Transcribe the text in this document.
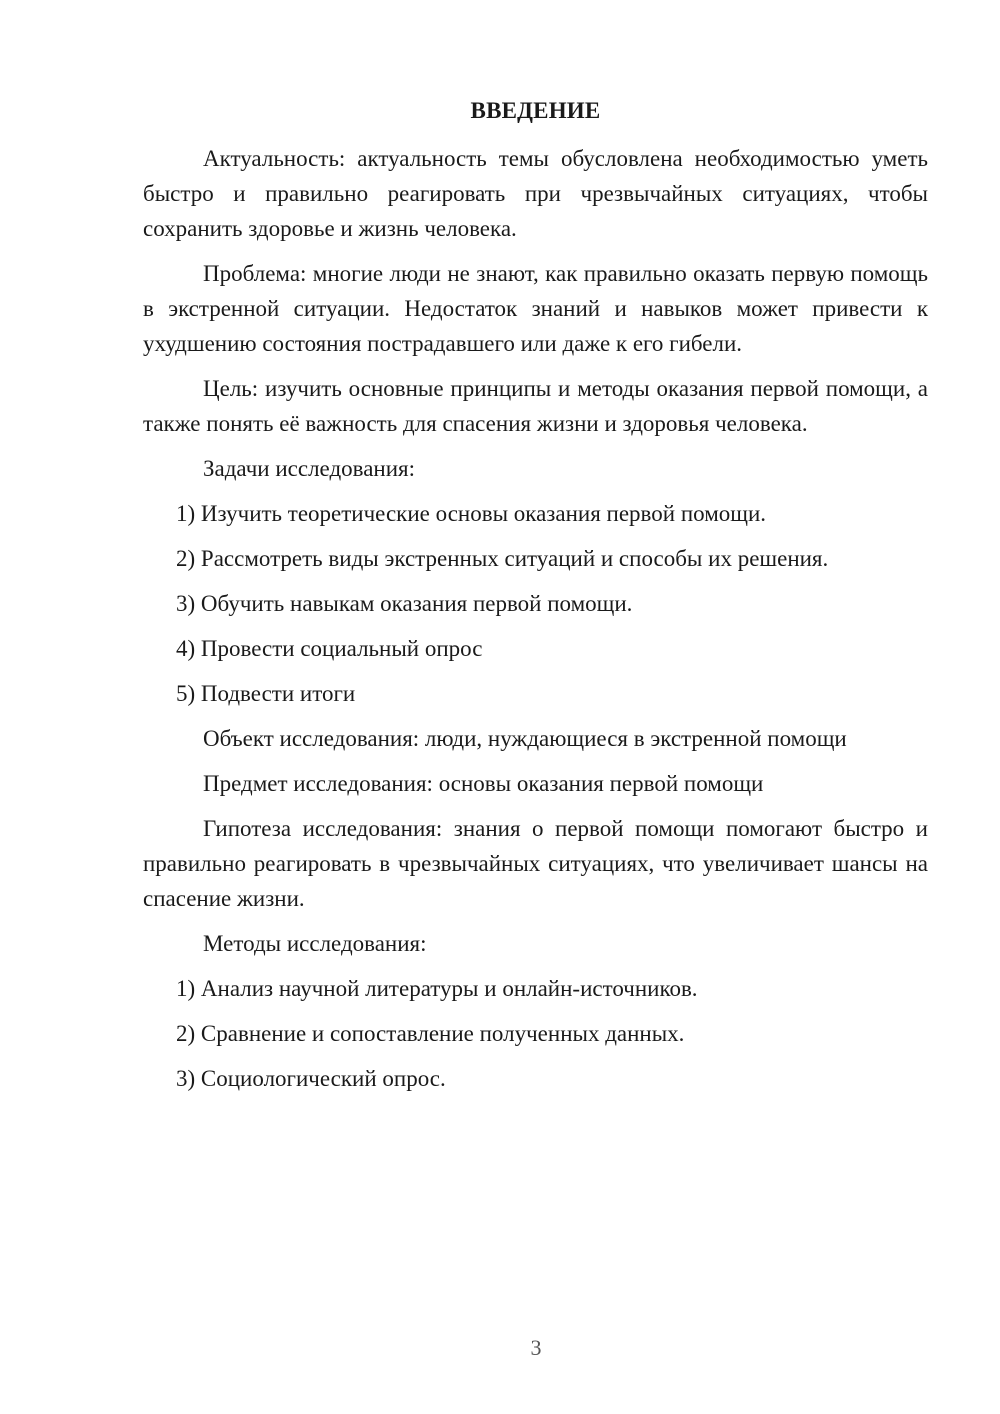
ВВЕДЕНИЕ

Актуальность: актуальность темы обусловлена необходимостью уметь быстро и правильно реагировать при чрезвычайных ситуациях, чтобы сохранить здоровье и жизнь человека.

Проблема: многие люди не знают, как правильно оказать первую помощь в экстренной ситуации. Недостаток знаний и навыков может привести к ухудшению состояния пострадавшего или даже к его гибели.

Цель: изучить основные принципы и методы оказания первой помощи, а также понять её важность для спасения жизни и здоровья человека.

Задачи исследования:

1) Изучить теоретические основы оказания первой помощи.

2) Рассмотреть виды экстренных ситуаций и способы их решения.

3) Обучить навыкам оказания первой помощи.

4) Провести социальный опрос

5) Подвести итоги

Объект исследования: люди, нуждающиеся в экстренной помощи

Предмет исследования: основы оказания первой помощи

Гипотеза исследования: знания о первой помощи помогают быстро и правильно реагировать в чрезвычайных ситуациях, что увеличивает шансы на спасение жизни.

Методы исследования:

1) Анализ научной литературы и онлайн-источников.

2) Сравнение и сопоставление полученных данных.

3) Социологический опрос.

3
